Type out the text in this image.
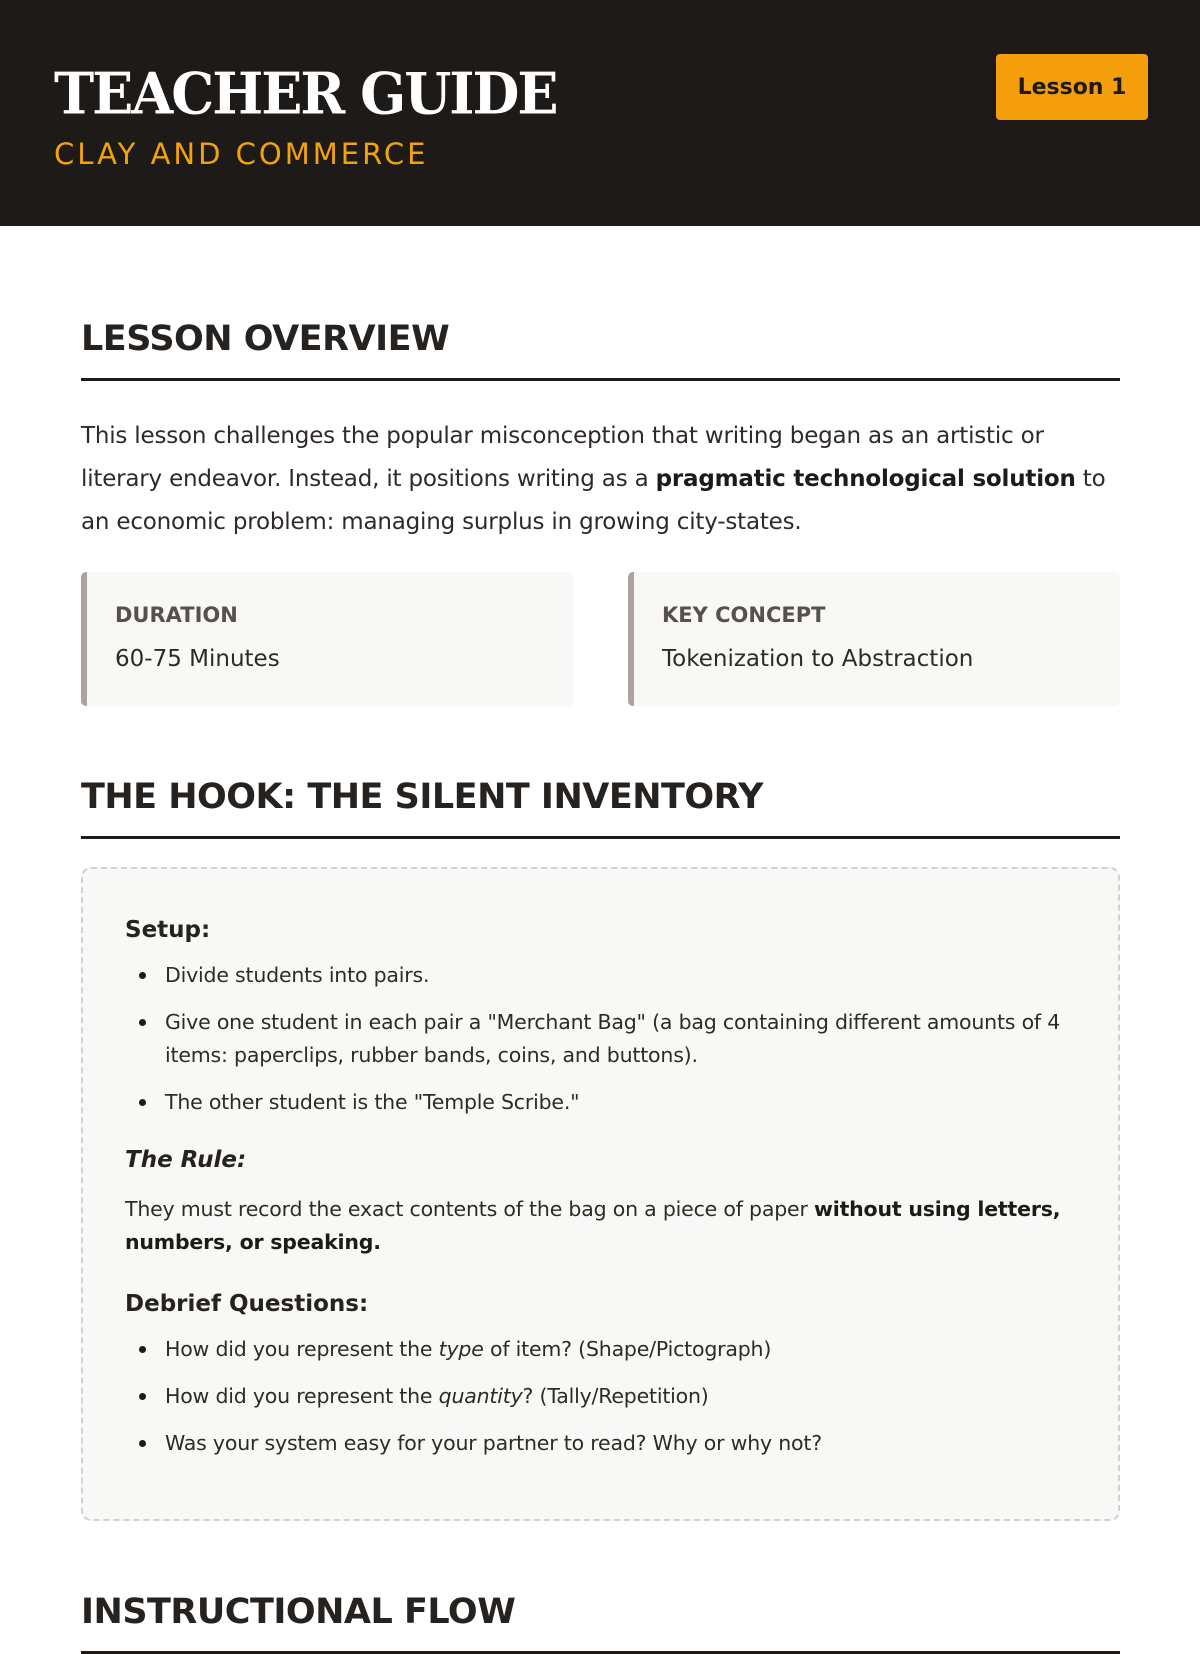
TEACHER GUIDE
CLAY AND COMMERCE
Lesson 1
LESSON OVERVIEW

This lesson challenges the popular misconception that writing began as an artistic or literary endeavor. Instead, it positions writing as a pragmatic technological solution to an economic problem: managing surplus in growing city-states.

DURATION
60-75 Minutes
KEY CONCEPT
Tokenization to Abstraction
THE HOOK: THE SILENT INVENTORY
Setup:
Divide students into pairs.
Give one student in each pair a "Merchant Bag" (a bag containing different amounts of 4 items: paperclips, rubber bands, coins, and buttons).
The other student is the "Temple Scribe."
The Rule:

They must record the exact contents of the bag on a piece of paper without using letters, numbers, or speaking.

Debrief Questions:
How did you represent the type of item? (Shape/Pictograph)
How did you represent the quantity? (Tally/Repetition)
Was your system easy for your partner to read? Why or why not?
INSTRUCTIONAL FLOW
